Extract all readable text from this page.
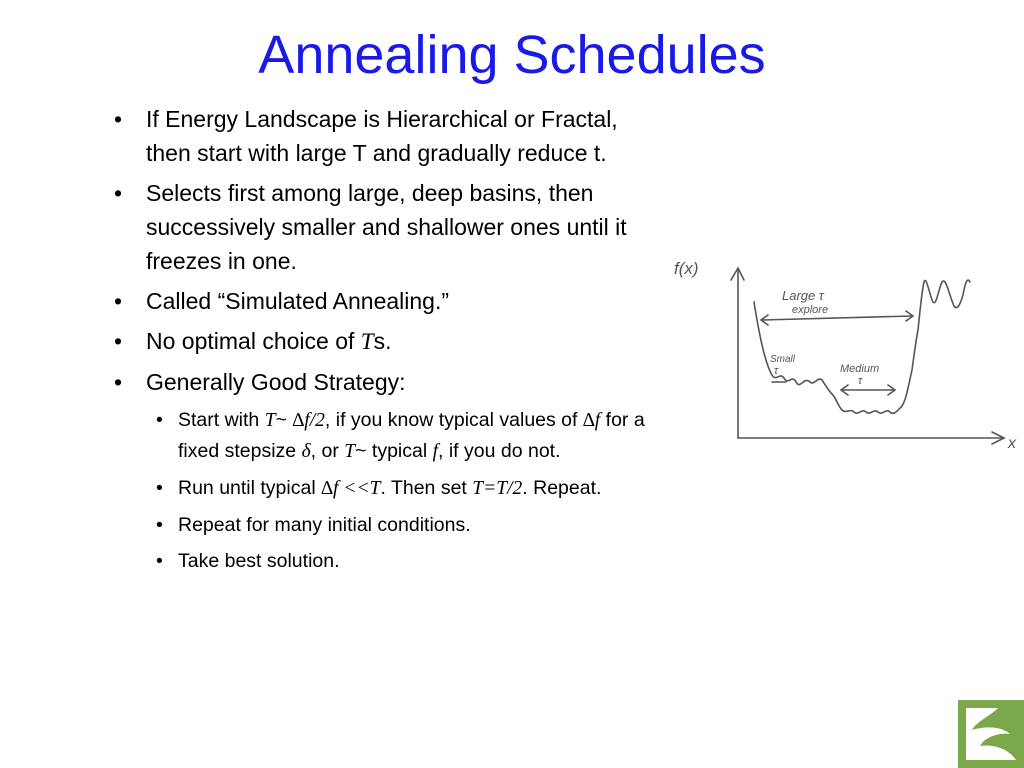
Annealing Schedules
• If Energy Landscape is Hierarchical or Fractal, then start with large T and gradually reduce t.
• Selects first among large, deep basins, then successively smaller and shallower ones until it freezes in one.
• Called “Simulated Annealing.”
• No optimal choice of Ts.
• Generally Good Strategy:
• Start with T~ ∆f/2, if you know typical values of ∆f for a fixed stepsize δ, or T~ typical f, if you do not.
• Run until typical ∆f <<T. Then set T=T/2. Repeat.
• Repeat for many initial conditions.
• Take best solution.
f(x)
x
Large τ
explore
Small
τ	Medium
τ
